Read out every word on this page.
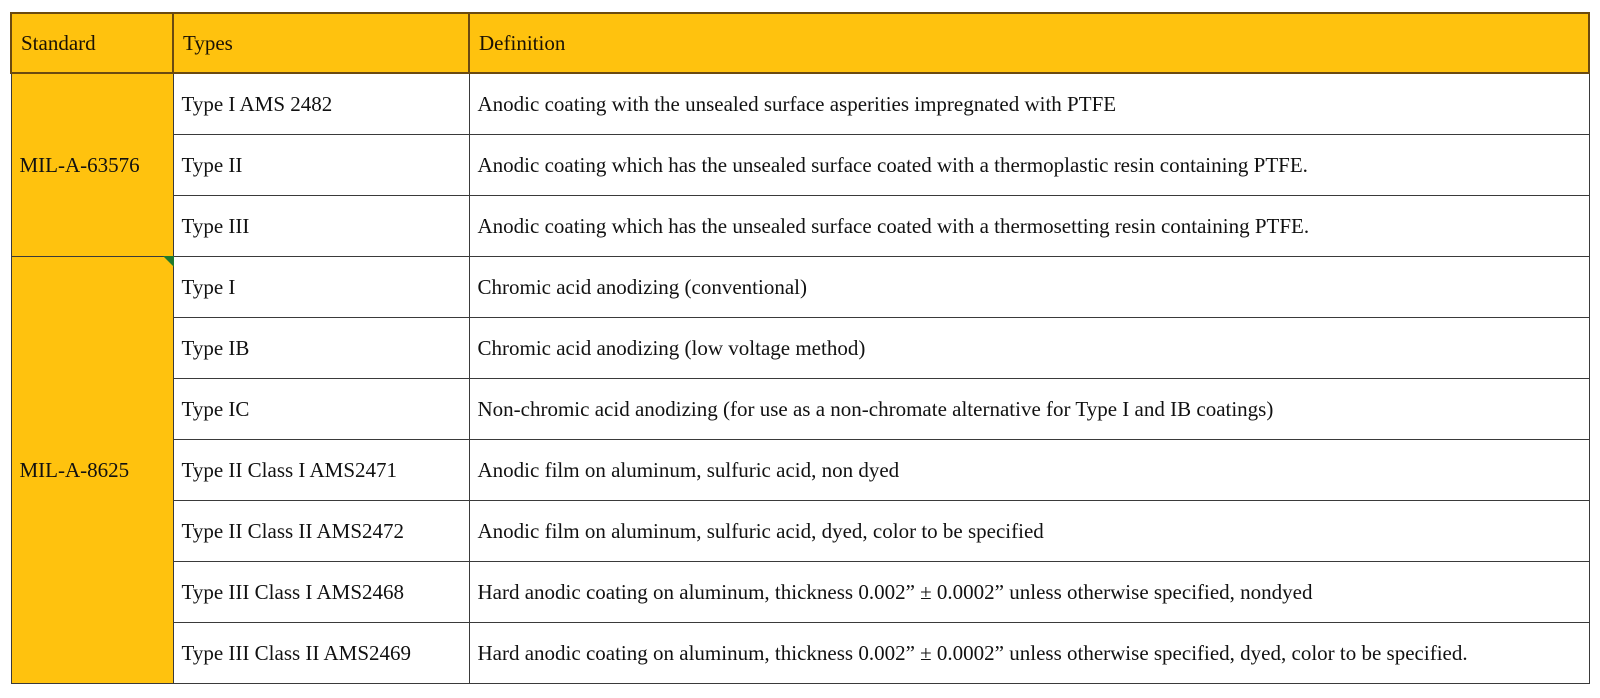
Standard	Types	Definition
MIL-A-63576	Type I AMS 2482	Anodic coating with the unsealed surface asperities impregnated with PTFE
	Type II	Anodic coating which has the unsealed surface coated with a thermoplastic resin containing PTFE.
	Type III	Anodic coating which has the unsealed surface coated with a thermosetting resin containing PTFE.
MIL-A-8625	Type I	Chromic acid anodizing (conventional)
	Type IB	Chromic acid anodizing (low voltage method)
	Type IC	Non-chromic acid anodizing (for use as a non-chromate alternative for Type I and IB coatings)
	Type II Class I AMS2471	Anodic film on aluminum, sulfuric acid, non dyed
	Type II Class II AMS2472	Anodic film on aluminum, sulfuric acid, dyed, color to be specified
	Type III Class I AMS2468	Hard anodic coating on aluminum, thickness 0.002” ± 0.0002” unless otherwise specified, nondyed
	Type III Class II AMS2469	Hard anodic coating on aluminum, thickness 0.002” ± 0.0002” unless otherwise specified, dyed, color to be specified.
